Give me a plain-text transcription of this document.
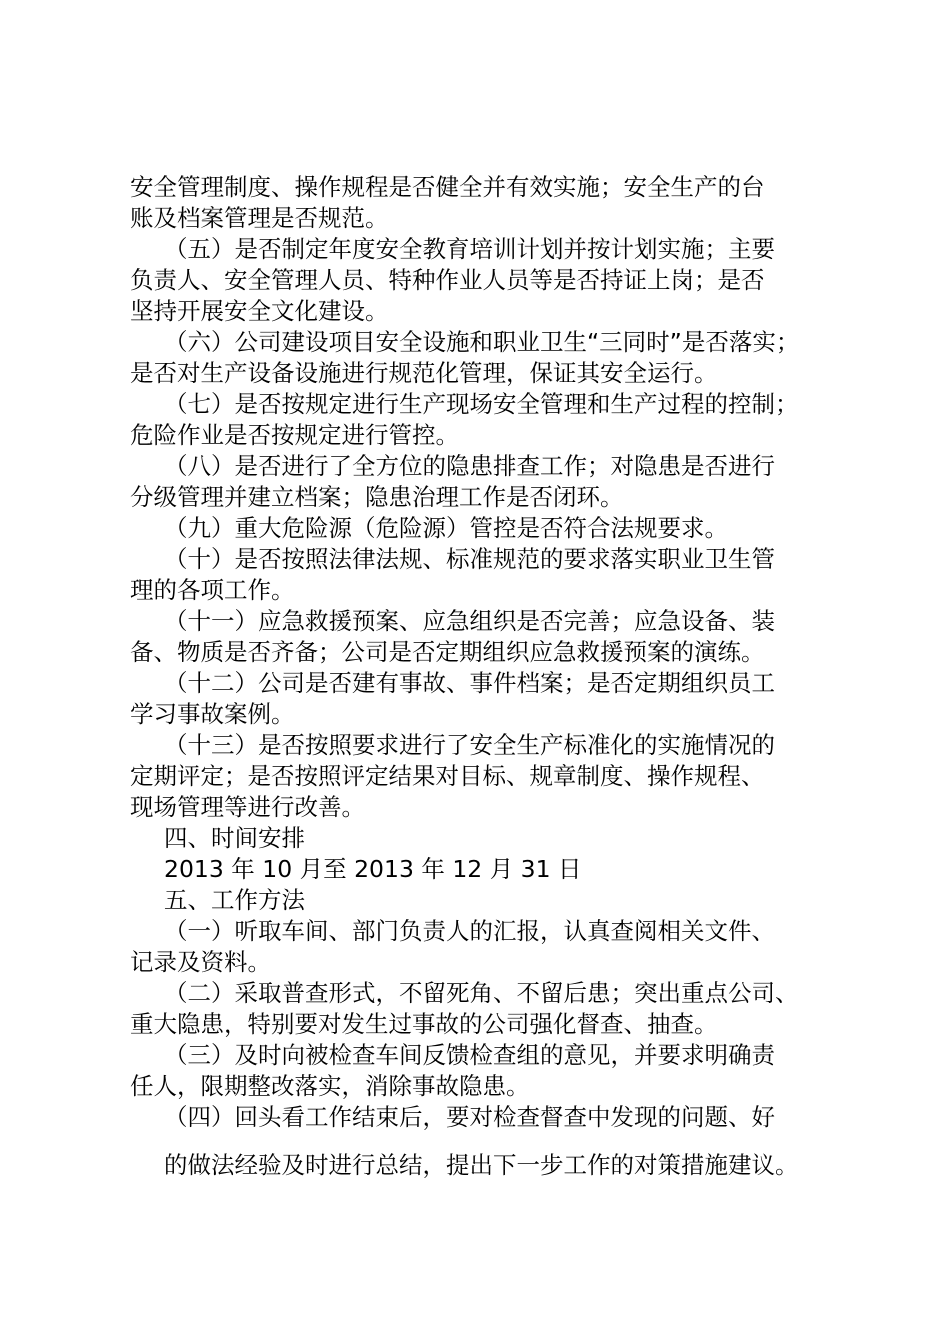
安全管理制度、操作规程是否健全并有效实施；安全生产的台
账及档案管理是否规范。
（五）是否制定年度安全教育培训计划并按计划实施；主要
负责人、安全管理人员、特种作业人员等是否持证上岗；是否
坚持开展安全文化建设。
（六）公司建设项目安全设施和职业卫生“三同时”是否落实；
是否对生产设备设施进行规范化管理，保证其安全运行。
（七）是否按规定进行生产现场安全管理和生产过程的控制；
危险作业是否按规定进行管控。
（八）是否进行了全方位的隐患排查工作；对隐患是否进行
分级管理并建立档案；隐患治理工作是否闭环。
（九）重大危险源（危险源）管控是否符合法规要求。
（十）是否按照法律法规、标准规范的要求落实职业卫生管
理的各项工作。
（十一）应急救援预案、应急组织是否完善；应急设备、装
备、物质是否齐备；公司是否定期组织应急救援预案的演练。
（十二）公司是否建有事故、事件档案；是否定期组织员工
学习事故案例。
（十三）是否按照要求进行了安全生产标准化的实施情况的
定期评定；是否按照评定结果对目标、规章制度、操作规程、
现场管理等进行改善。
四、时间安排
2013 年 10 月至 2013 年 12 月 31 日
五、工作方法
（一）听取车间、部门负责人的汇报，认真查阅相关文件、
记录及资料。
（二）采取普查形式，不留死角、不留后患；突出重点公司、
重大隐患，特别要对发生过事故的公司强化督查、抽查。
（三）及时向被检查车间反馈检查组的意见，并要求明确责
任人，限期整改落实，消除事故隐患。
（四）回头看工作结束后，要对检查督查中发现的问题、好
的做法经验及时进行总结，提出下一步工作的对策措施建议。
